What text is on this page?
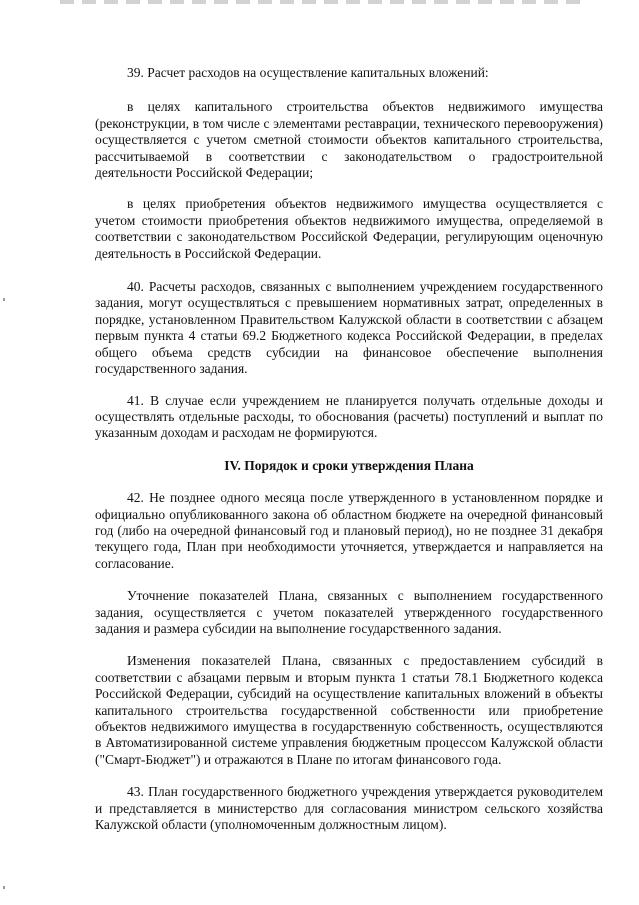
39. Расчет расходов на осуществление капитальных вложений:

в целях капитального строительства объектов недвижимого имущества (реконструкции, в том числе с элементами реставрации, технического перевооружения) осуществляется с учетом сметной стоимости объектов капитального строительства, рассчитываемой в соответствии с законодательством о градостроительной деятельности Российской Федерации;

в целях приобретения объектов недвижимого имущества осуществляется с учетом стоимости приобретения объектов недвижимого имущества, определяемой в соответствии с законодательством Российской Федерации, регулирующим оценочную деятельность в Российской Федерации.

40. Расчеты расходов, связанных с выполнением учреждением государственного задания, могут осуществляться с превышением нормативных затрат, определенных в порядке, установленном Правительством Калужской области в соответствии с абзацем первым пункта 4 статьи 69.2 Бюджетного кодекса Российской Федерации, в пределах общего объема средств субсидии на финансовое обеспечение выполнения государственного задания.

41. В случае если учреждением не планируется получать отдельные доходы и осуществлять отдельные расходы, то обоснования (расчеты) поступлений и выплат по указанным доходам и расходам не формируются.

IV. Порядок и сроки утверждения Плана

42. Не позднее одного месяца после утвержденного в установленном порядке и официально опубликованного закона об областном бюджете на очередной финансовый год (либо на очередной финансовый год и плановый период), но не позднее 31 декабря текущего года, План при необходимости уточняется, утверждается и направляется на согласование.

Уточнение показателей Плана, связанных с выполнением государственного задания, осуществляется с учетом показателей утвержденного государственного задания и размера субсидии на выполнение государственного задания.

Изменения показателей Плана, связанных с предоставлением субсидий в соответствии с абзацами первым и вторым пункта 1 статьи 78.1 Бюджетного кодекса Российской Федерации, субсидий на осуществление капитальных вложений в объекты капитального строительства государственной собственности или приобретение объектов недвижимого имущества в государственную собственность, осуществляются в Автоматизированной системе управления бюджетным процессом Калужской области ("Смарт-Бюджет") и отражаются в Плане по итогам финансового года.

43. План государственного бюджетного учреждения утверждается руководителем и представляется в министерство для согласования министром сельского хозяйства Калужской области (уполномоченным должностным лицом).
